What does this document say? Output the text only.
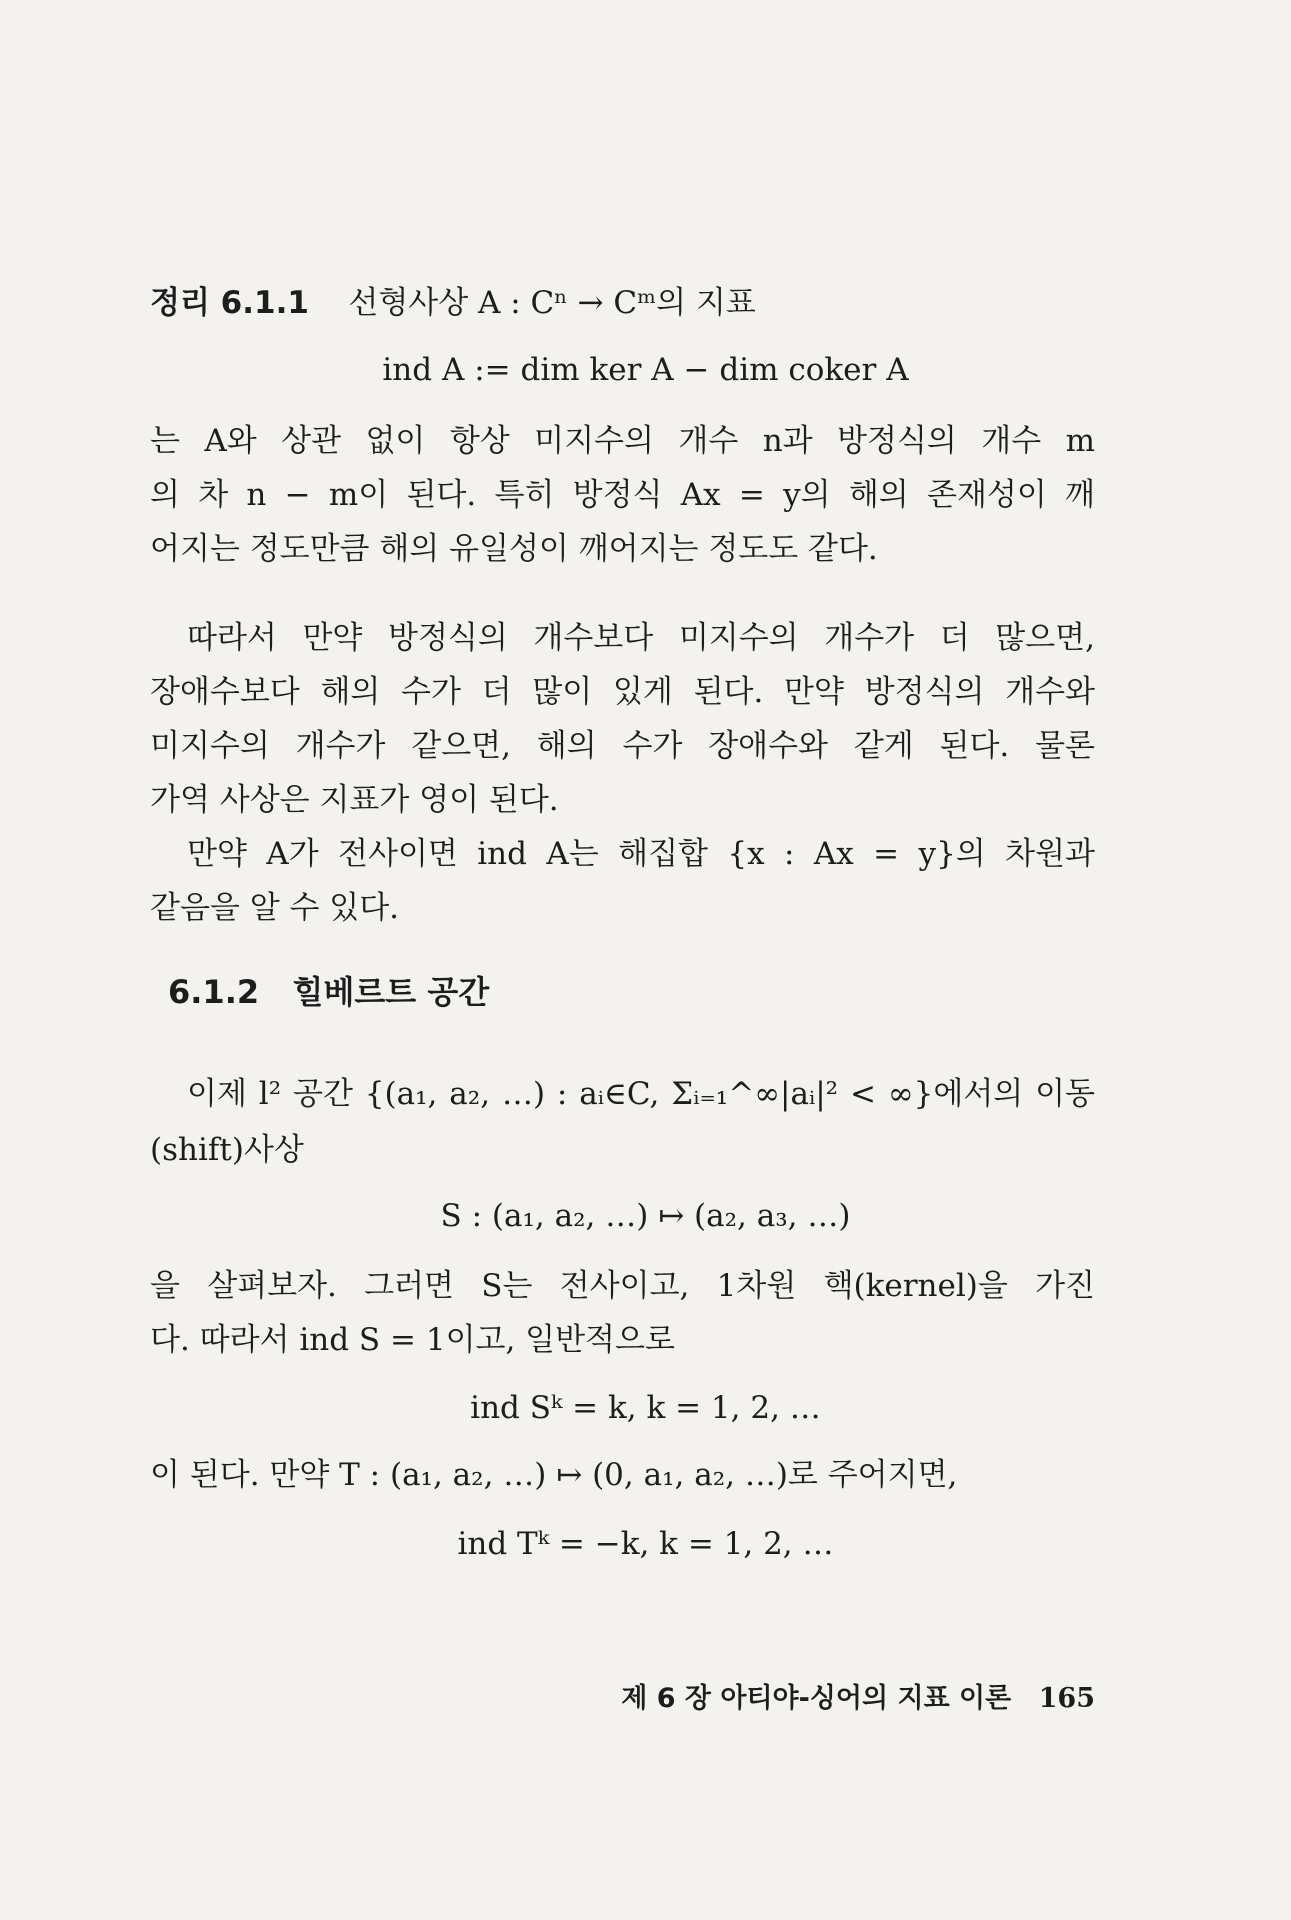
정리 6.1.1 선형사상 A : Cⁿ → Cᵐ의 지표
ind A := dim ker A − dim coker A
는 A와 상관 없이 항상 미지수의 개수 n과 방정식의 개수 m
의 차 n − m이 된다. 특히 방정식 Ax = y의 해의 존재성이 깨
어지는 정도만큼 해의 유일성이 깨어지는 정도도 같다.
따라서 만약 방정식의 개수보다 미지수의 개수가 더 많으면,
장애수보다 해의 수가 더 많이 있게 된다. 만약 방정식의 개수와
미지수의 개수가 같으면, 해의 수가 장애수와 같게 된다. 물론
가역 사상은 지표가 영이 된다.
만약 A가 전사이면 ind A는 해집합 {x : Ax = y}의 차원과
같음을 알 수 있다.
6.1.2 힐베르트 공간
이제 l² 공간 {(a₁, a₂, …) : aᵢ∈C, Σᵢ₌₁^∞|aᵢ|² < ∞}에서의 이동
(shift)사상
S : (a₁, a₂, …) ↦ (a₂, a₃, …)
을 살펴보자. 그러면 S는 전사이고, 1차원 핵(kernel)을 가진
다. 따라서 ind S = 1이고, 일반적으로
ind Sᵏ = k, k = 1, 2, …
이 된다. 만약 T : (a₁, a₂, …) ↦ (0, a₁, a₂, …)로 주어지면,
ind Tᵏ = −k, k = 1, 2, …
제 6 장 아티야-싱어의 지표 이론 165
